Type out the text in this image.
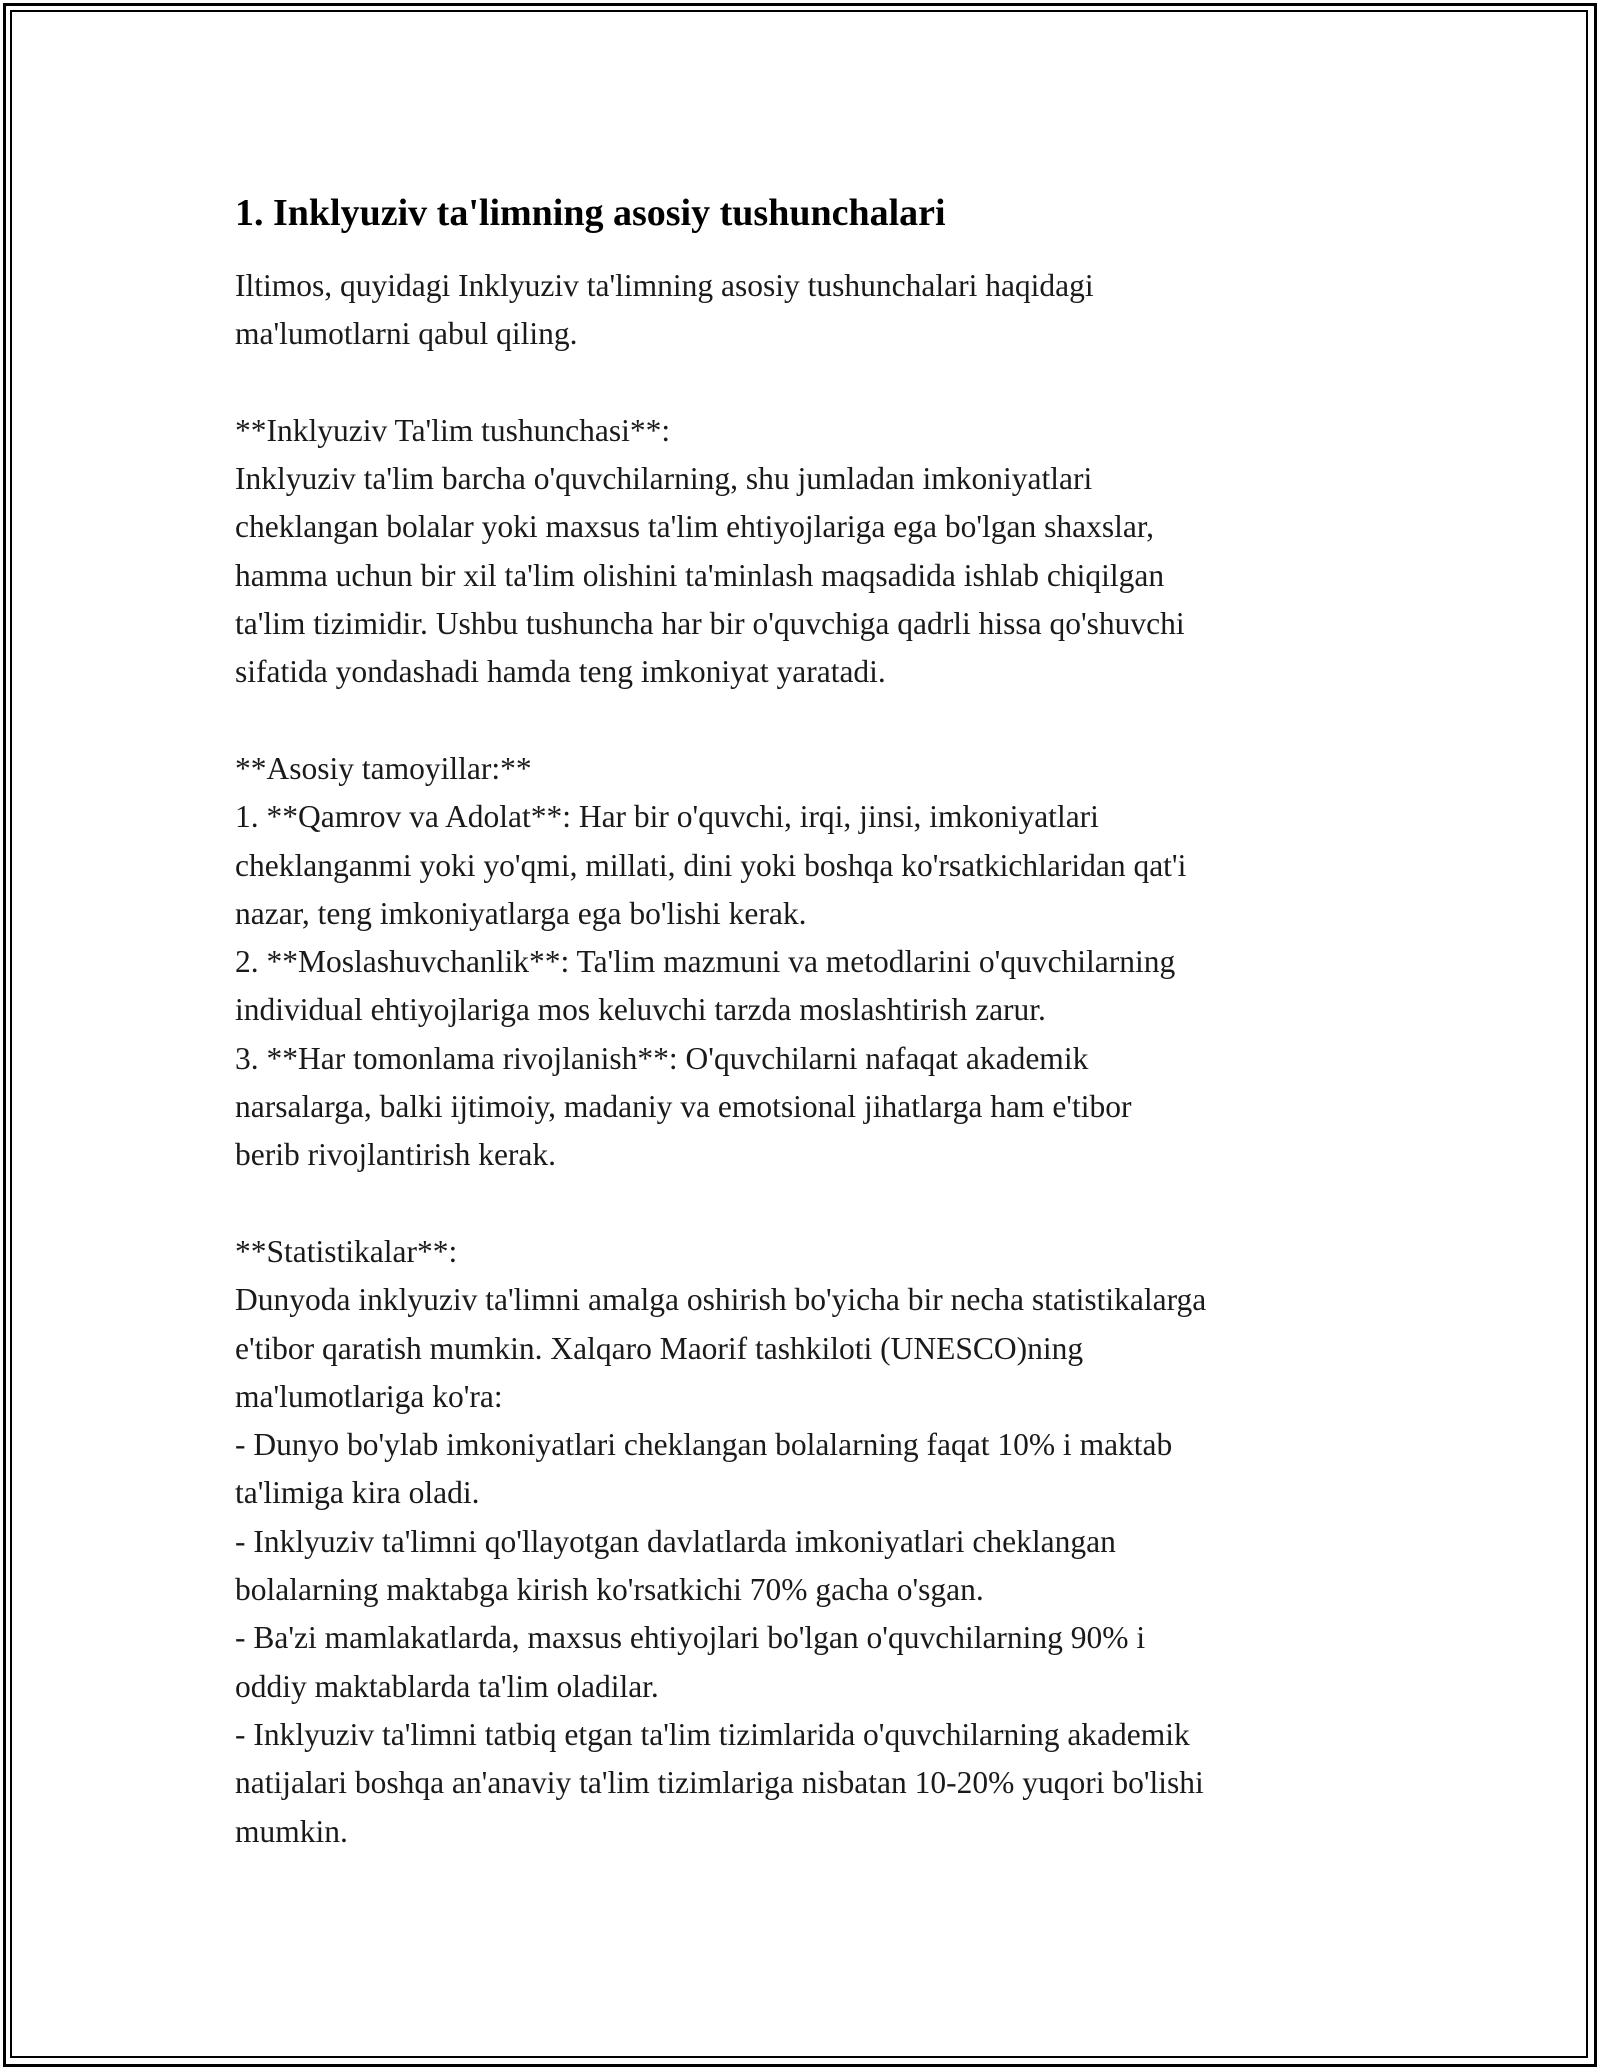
1. Inklyuziv ta'limning asosiy tushunchalari

Iltimos, quyidagi Inklyuziv ta'limning asosiy tushunchalari haqidagi
ma'lumotlarni qabul qiling.

**Inklyuziv Ta'lim tushunchasi**:

Inklyuziv ta'lim barcha o'quvchilarning, shu jumladan imkoniyatlari
cheklangan bolalar yoki maxsus ta'lim ehtiyojlariga ega bo'lgan shaxslar,
hamma uchun bir xil ta'lim olishini ta'minlash maqsadida ishlab chiqilgan
ta'lim tizimidir. Ushbu tushuncha har bir o'quvchiga qadrli hissa qo'shuvchi
sifatida yondashadi hamda teng imkoniyat yaratadi.

**Asosiy tamoyillar:**

1. **Qamrov va Adolat**: Har bir o'quvchi, irqi, jinsi, imkoniyatlari
cheklanganmi yoki yo'qmi, millati, dini yoki boshqa ko'rsatkichlaridan qat'i
nazar, teng imkoniyatlarga ega bo'lishi kerak.

2. **Moslashuvchanlik**: Ta'lim mazmuni va metodlarini o'quvchilarning
individual ehtiyojlariga mos keluvchi tarzda moslashtirish zarur.

3. **Har tomonlama rivojlanish**: O'quvchilarni nafaqat akademik
narsalarga, balki ijtimoiy, madaniy va emotsional jihatlarga ham e'tibor
berib rivojlantirish kerak.

**Statistikalar**:

Dunyoda inklyuziv ta'limni amalga oshirish bo'yicha bir necha statistikalarga
e'tibor qaratish mumkin. Xalqaro Maorif tashkiloti (UNESCO)ning
ma'lumotlariga ko'ra:

- Dunyo bo'ylab imkoniyatlari cheklangan bolalarning faqat 10% i maktab
ta'limiga kira oladi.

- Inklyuziv ta'limni qo'llayotgan davlatlarda imkoniyatlari cheklangan
bolalarning maktabga kirish ko'rsatkichi 70% gacha o'sgan.

- Ba'zi mamlakatlarda, maxsus ehtiyojlari bo'lgan o'quvchilarning 90% i
oddiy maktablarda ta'lim oladilar.

- Inklyuziv ta'limni tatbiq etgan ta'lim tizimlarida o'quvchilarning akademik
natijalari boshqa an'anaviy ta'lim tizimlariga nisbatan 10-20% yuqori bo'lishi
mumkin.
